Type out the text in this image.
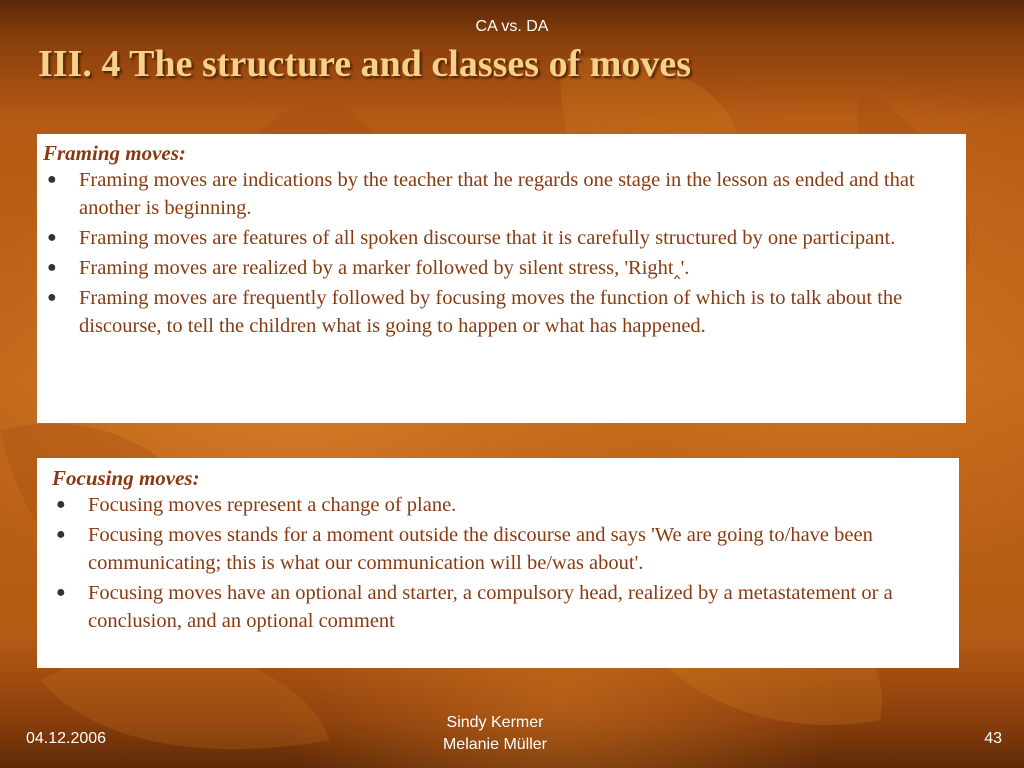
CA vs. DA
III. 4 The structure and classes of moves
Framing moves:
● Framing moves are indications by the teacher that he regards one stage in the lesson as ended and that another is beginning.
● Framing moves are features of all spoken discourse that it is carefully structured by one participant.
● Framing moves are realized by a marker followed by silent stress, 'Right‸'.
● Framing moves are frequently followed by focusing moves the function of which is to talk about the discourse, to tell the children what is going to happen or what has happened.
Focusing moves:
● Focusing moves represent a change of plane.
● Focusing moves stands for a moment outside the discourse and says 'We are going to/have been communicating; this is what our communication will be/was about'.
● Focusing moves have an optional and starter, a compulsory head, realized by a metastatement or a conclusion, and an optional comment
04.12.2006
Sindy Kermer
Melanie Müller	43
